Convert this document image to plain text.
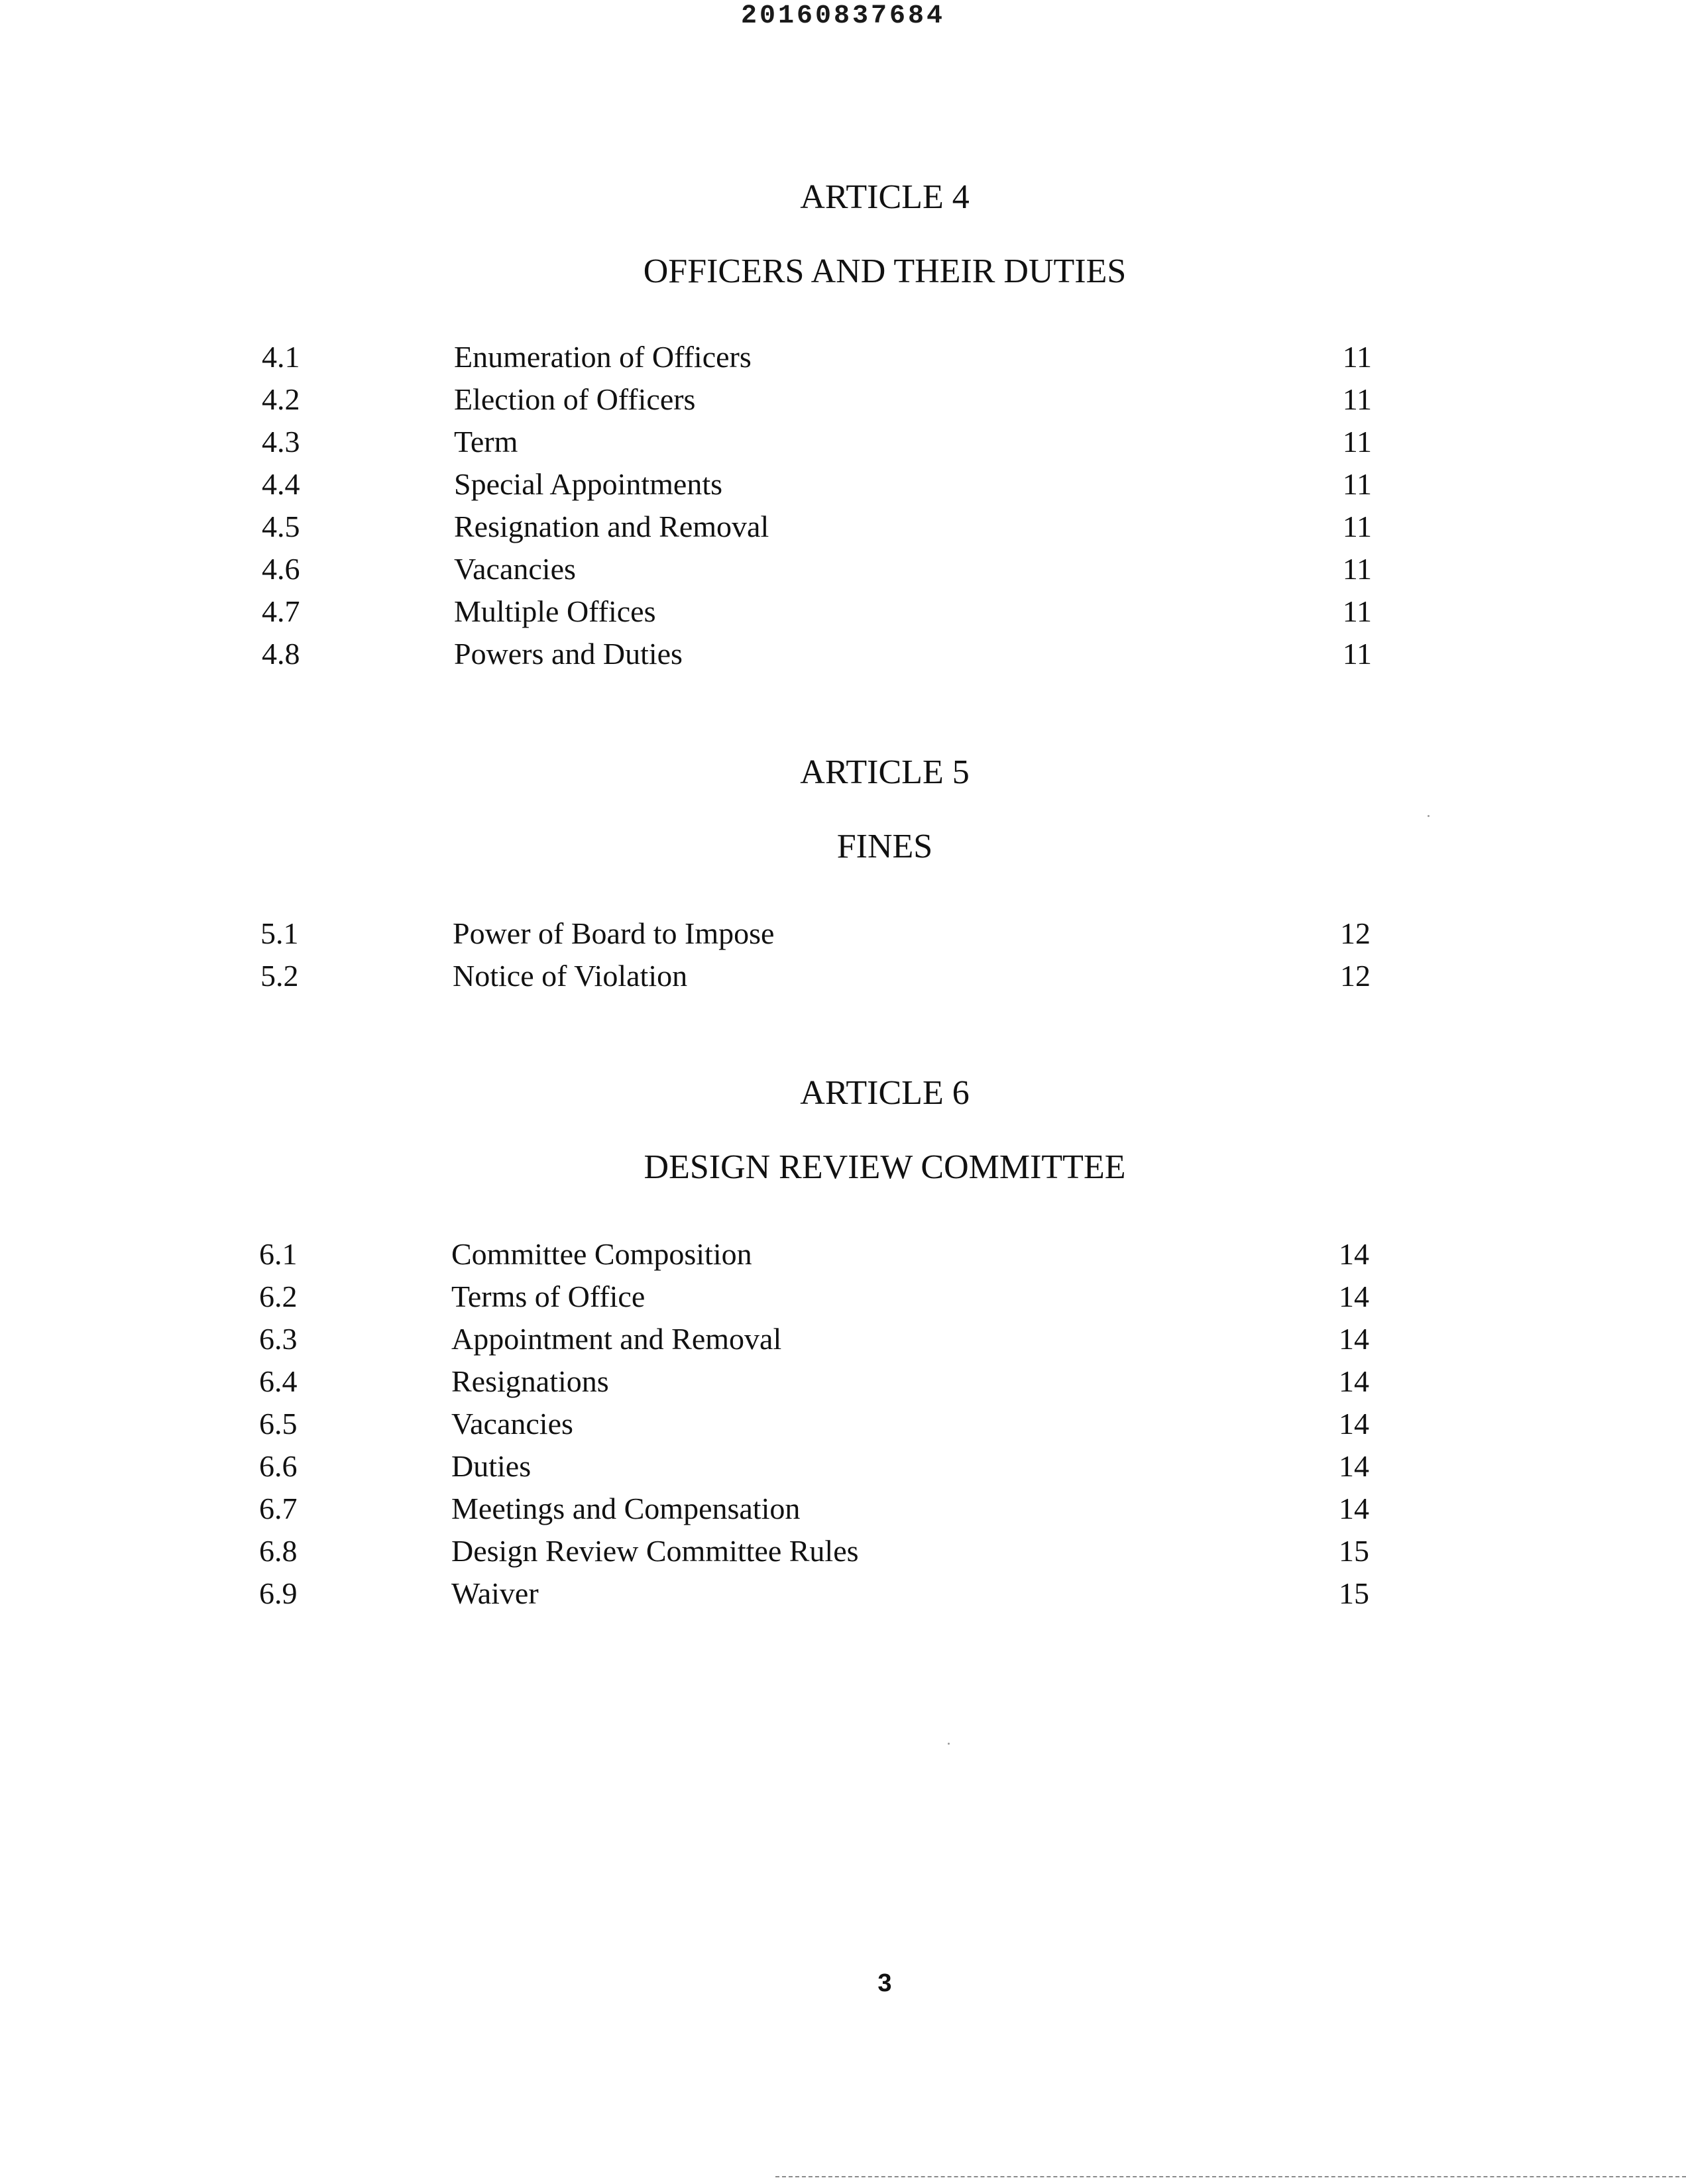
20160837684
ARTICLE 4
OFFICERS AND THEIR DUTIES
4.1	Enumeration of Officers	11
4.2	Election of Officers	11
4.3	Term	11
4.4	Special Appointments	11
4.5	Resignation and Removal	11
4.6	Vacancies	11
4.7	Multiple Offices	11
4.8	Powers and Duties	11
ARTICLE 5
FINES
5.1	Power of Board to Impose	12
5.2	Notice of Violation	12
ARTICLE 6
DESIGN REVIEW COMMITTEE
6.1	Committee Composition	14
6.2	Terms of Office	14
6.3	Appointment and Removal	14
6.4	Resignations	14
6.5	Vacancies	14
6.6	Duties	14
6.7	Meetings and Compensation	14
6.8	Design Review Committee Rules	15
6.9	Waiver	15
3
